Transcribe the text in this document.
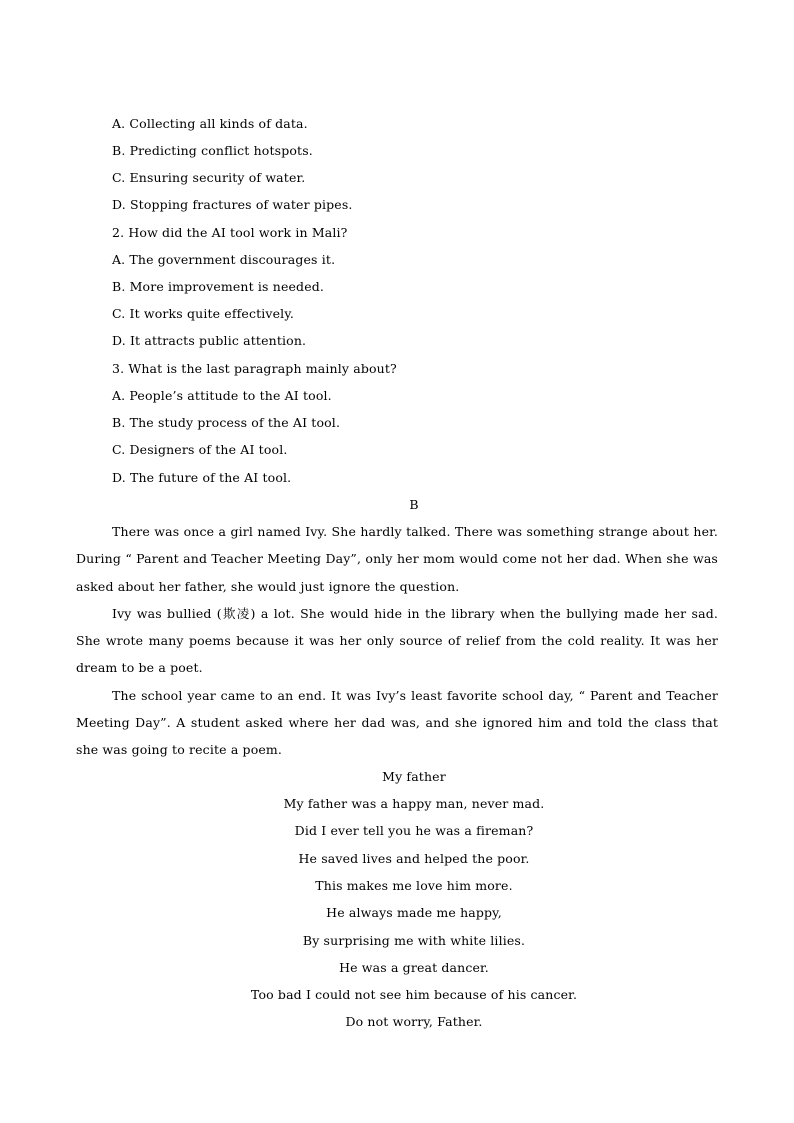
A. Collecting all kinds of data.
B. Predicting conflict hotspots.
C. Ensuring security of water.
D. Stopping fractures of water pipes.
2. How did the AI tool work in Mali?
A. The government discourages it.
B. More improvement is needed.
C. It works quite effectively.
D. It attracts public attention.
3. What is the last paragraph mainly about?
A. People’s attitude to the AI tool.
B. The study process of the AI tool.
C. Designers of the AI tool.
D. The future of the AI tool.
B
There was once a girl named Ivy. She hardly talked. There was something strange about her.
During “ Parent and Teacher Meeting Day”, only her mom would come not her dad. When she was
asked about her father, she would just ignore the question.
Ivy was bullied (欺凌) a lot. She would hide in the library when the bullying made her sad.
She wrote many poems because it was her only source of relief from the cold reality. It was her
dream to be a poet.
The school year came to an end. It was Ivy’s least favorite school day, “ Parent and Teacher
Meeting Day”. A student asked where her dad was, and she ignored him and told the class that
she was going to recite a poem.
My father
My father was a happy man, never mad.
Did I ever tell you he was a fireman?
He saved lives and helped the poor.
This makes me love him more.
He always made me happy,
By surprising me with white lilies.
He was a great dancer.
Too bad I could not see him because of his cancer.
Do not worry, Father.
